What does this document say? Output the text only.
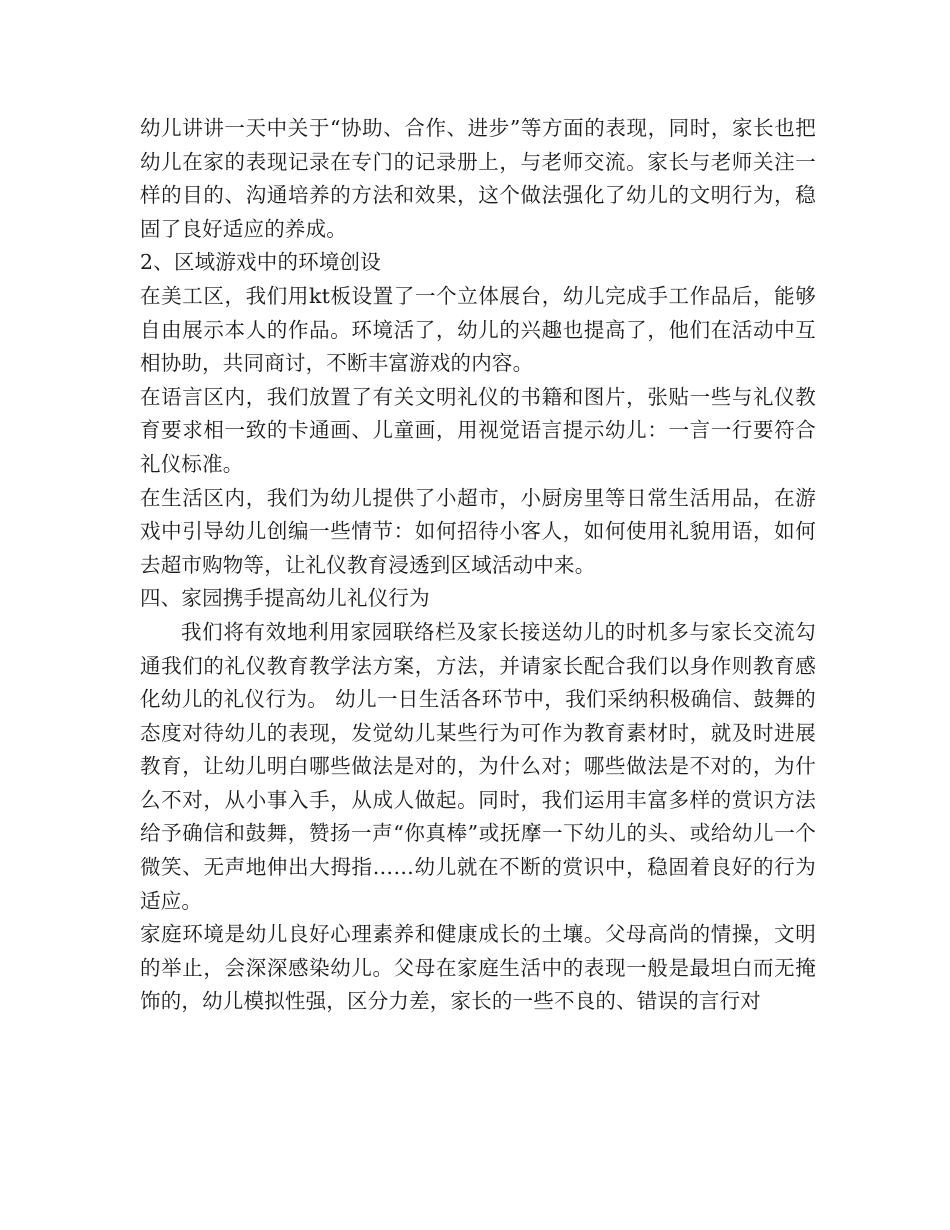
幼儿讲讲一天中关于“协助、合作、进步”等方面的表现，同时，家长也把幼儿在家的表现记录在专门的记录册上，与老师交流。家长与老师关注一样的目的、沟通培养的方法和效果，这个做法强化了幼儿的文明行为，稳固了良好适应的养成。

2、区域游戏中的环境创设

在美工区，我们用kt板设置了一个立体展台，幼儿完成手工作品后，能够自由展示本人的作品。环境活了，幼儿的兴趣也提高了，他们在活动中互相协助，共同商讨，不断丰富游戏的内容。

在语言区内，我们放置了有关文明礼仪的书籍和图片，张贴一些与礼仪教育要求相一致的卡通画、儿童画，用视觉语言提示幼儿：一言一行要符合礼仪标准。

在生活区内，我们为幼儿提供了小超市，小厨房里等日常生活用品，在游戏中引导幼儿创编一些情节：如何招待小客人，如何使用礼貌用语，如何去超市购物等，让礼仪教育浸透到区域活动中来。

四、家园携手提高幼儿礼仪行为

我们将有效地利用家园联络栏及家长接送幼儿的时机多与家长交流勾通我们的礼仪教育教学法方案，方法，并请家长配合我们以身作则教育感化幼儿的礼仪行为。 幼儿一日生活各环节中，我们采纳积极确信、鼓舞的态度对待幼儿的表现，发觉幼儿某些行为可作为教育素材时，就及时进展教育，让幼儿明白哪些做法是对的，为什么对；哪些做法是不对的，为什么不对，从小事入手，从成人做起。同时，我们运用丰富多样的赏识方法给予确信和鼓舞，赞扬一声“你真棒”或抚摩一下幼儿的头、或给幼儿一个微笑、无声地伸出大拇指……幼儿就在不断的赏识中，稳固着良好的行为适应。

家庭环境是幼儿良好心理素养和健康成长的土壤。父母高尚的情操，文明的举止，会深深感染幼儿。父母在家庭生活中的表现一般是最坦白而无掩饰的，幼儿模拟性强，区分力差，家长的一些不良的、错误的言行对
